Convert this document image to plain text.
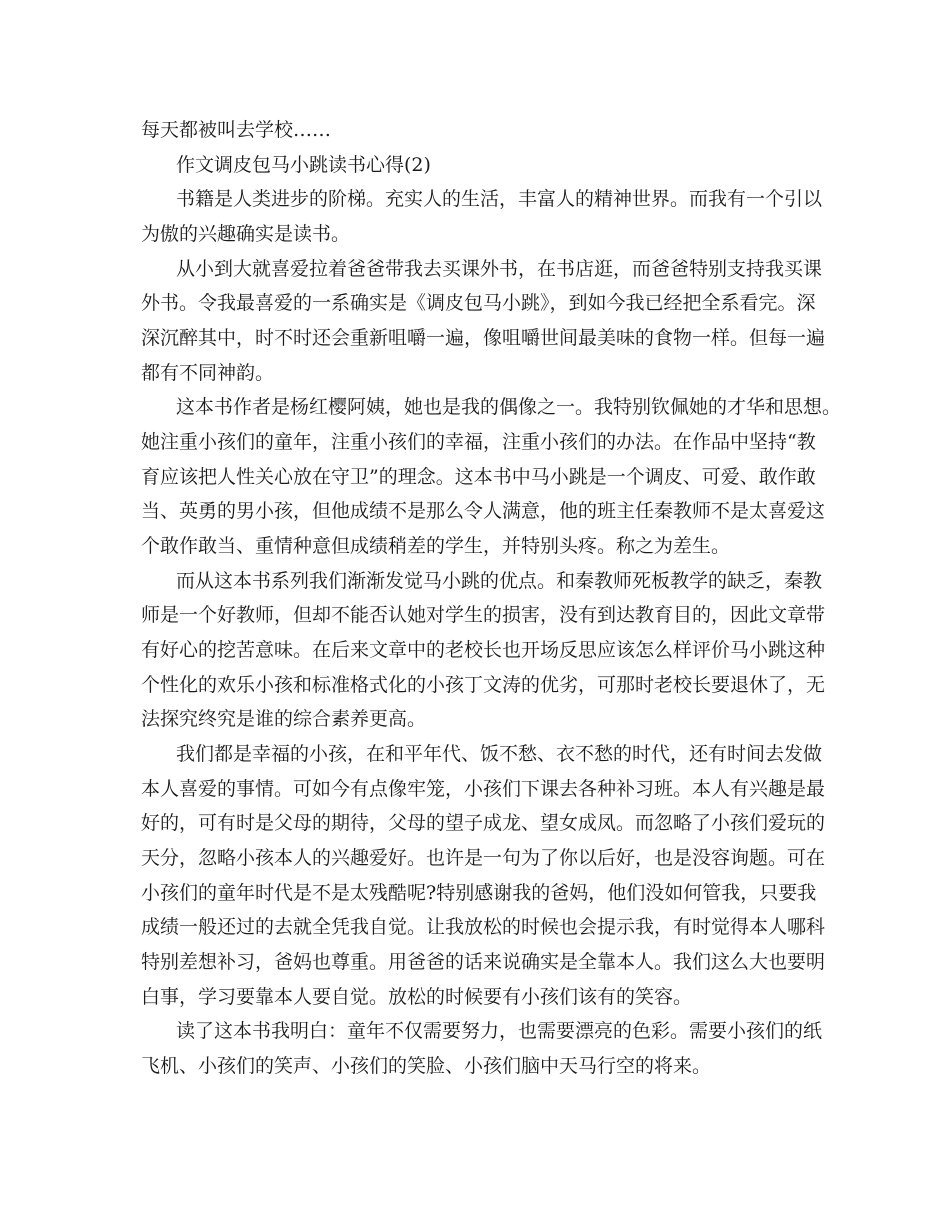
每天都被叫去学校……

作文调皮包马小跳读书心得(2)

书籍是人类进步的阶梯。充实人的生活，丰富人的精神世界。而我有一个引以

为傲的兴趣确实是读书。

从小到大就喜爱拉着爸爸带我去买课外书，在书店逛，而爸爸特别支持我买课

外书。令我最喜爱的一系确实是《调皮包马小跳》，到如今我已经把全系看完。深

深沉醉其中，时不时还会重新咀嚼一遍，像咀嚼世间最美味的食物一样。但每一遍

都有不同神韵。

这本书作者是杨红樱阿姨，她也是我的偶像之一。我特别钦佩她的才华和思想。

她注重小孩们的童年，注重小孩们的幸福，注重小孩们的办法。在作品中坚持“教

育应该把人性关心放在守卫”的理念。这本书中马小跳是一个调皮、可爱、敢作敢

当、英勇的男小孩，但他成绩不是那么令人满意，他的班主任秦教师不是太喜爱这

个敢作敢当、重情种意但成绩稍差的学生，并特别头疼。称之为差生。

而从这本书系列我们渐渐发觉马小跳的优点。和秦教师死板教学的缺乏，秦教

师是一个好教师，但却不能否认她对学生的损害，没有到达教育目的，因此文章带

有好心的挖苦意味。在后来文章中的老校长也开场反思应该怎么样评价马小跳这种

个性化的欢乐小孩和标准格式化的小孩丁文涛的优劣，可那时老校长要退休了，无

法探究终究是谁的综合素养更高。

我们都是幸福的小孩，在和平年代、饭不愁、衣不愁的时代，还有时间去发做

本人喜爱的事情。可如今有点像牢笼，小孩们下课去各种补习班。本人有兴趣是最

好的，可有时是父母的期待，父母的望子成龙、望女成凤。而忽略了小孩们爱玩的

天分，忽略小孩本人的兴趣爱好。也许是一句为了你以后好，也是没容询题。可在

小孩们的童年时代是不是太残酷呢?特别感谢我的爸妈，他们没如何管我，只要我

成绩一般还过的去就全凭我自觉。让我放松的时候也会提示我，有时觉得本人哪科

特别差想补习，爸妈也尊重。用爸爸的话来说确实是全靠本人。我们这么大也要明

白事，学习要靠本人要自觉。放松的时候要有小孩们该有的笑容。

读了这本书我明白：童年不仅需要努力，也需要漂亮的色彩。需要小孩们的纸

飞机、小孩们的笑声、小孩们的笑脸、小孩们脑中天马行空的将来。
